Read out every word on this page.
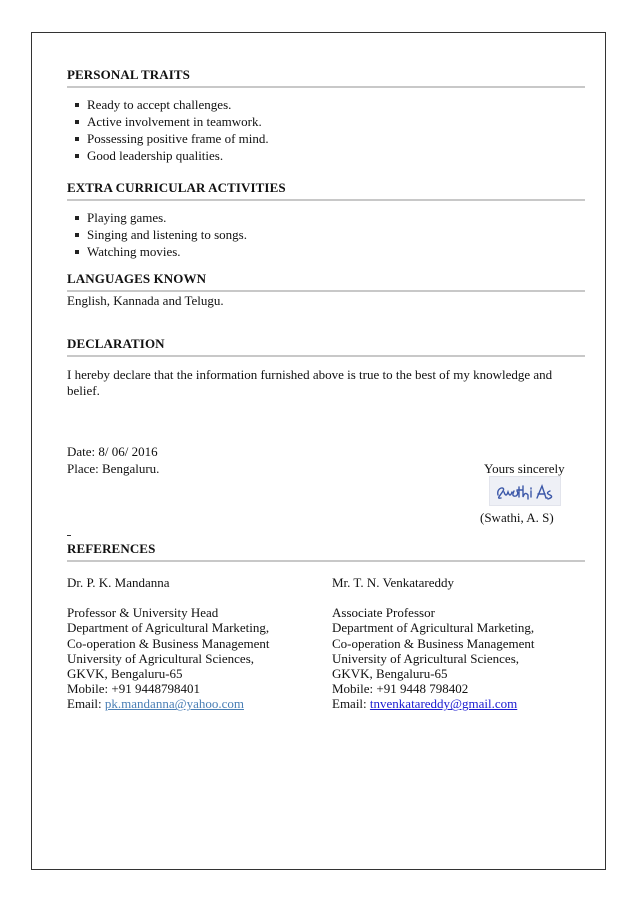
PERSONAL TRAITS
Ready to accept challenges.
Active involvement in teamwork.
Possessing positive frame of mind.
Good leadership qualities.
EXTRA CURRICULAR ACTIVITIES
Playing games.
Singing and listening to songs.
Watching movies.
LANGUAGES KNOWN
English, Kannada and Telugu.
DECLARATION
I hereby declare that the information furnished above is true to the best of my knowledge and belief.
Date: 8/ 06/ 2016
Place: Bengaluru.	Yours sincerely
(Swathi, A. S)
REFERENCES
Dr. P. K. Mandanna
Professor & University Head
Department of Agricultural Marketing,
Co-operation & Business Management
University of Agricultural Sciences,
GKVK, Bengaluru-65
Mobile: +91 9448798401
Email: pk.mandanna@yahoo.com
Mr. T. N. Venkatareddy
Associate Professor
Department of Agricultural Marketing,
Co-operation & Business Management
University of Agricultural Sciences,
GKVK, Bengaluru-65
Mobile: +91 9448 798402
Email: tnvenkatareddy@gmail.com
